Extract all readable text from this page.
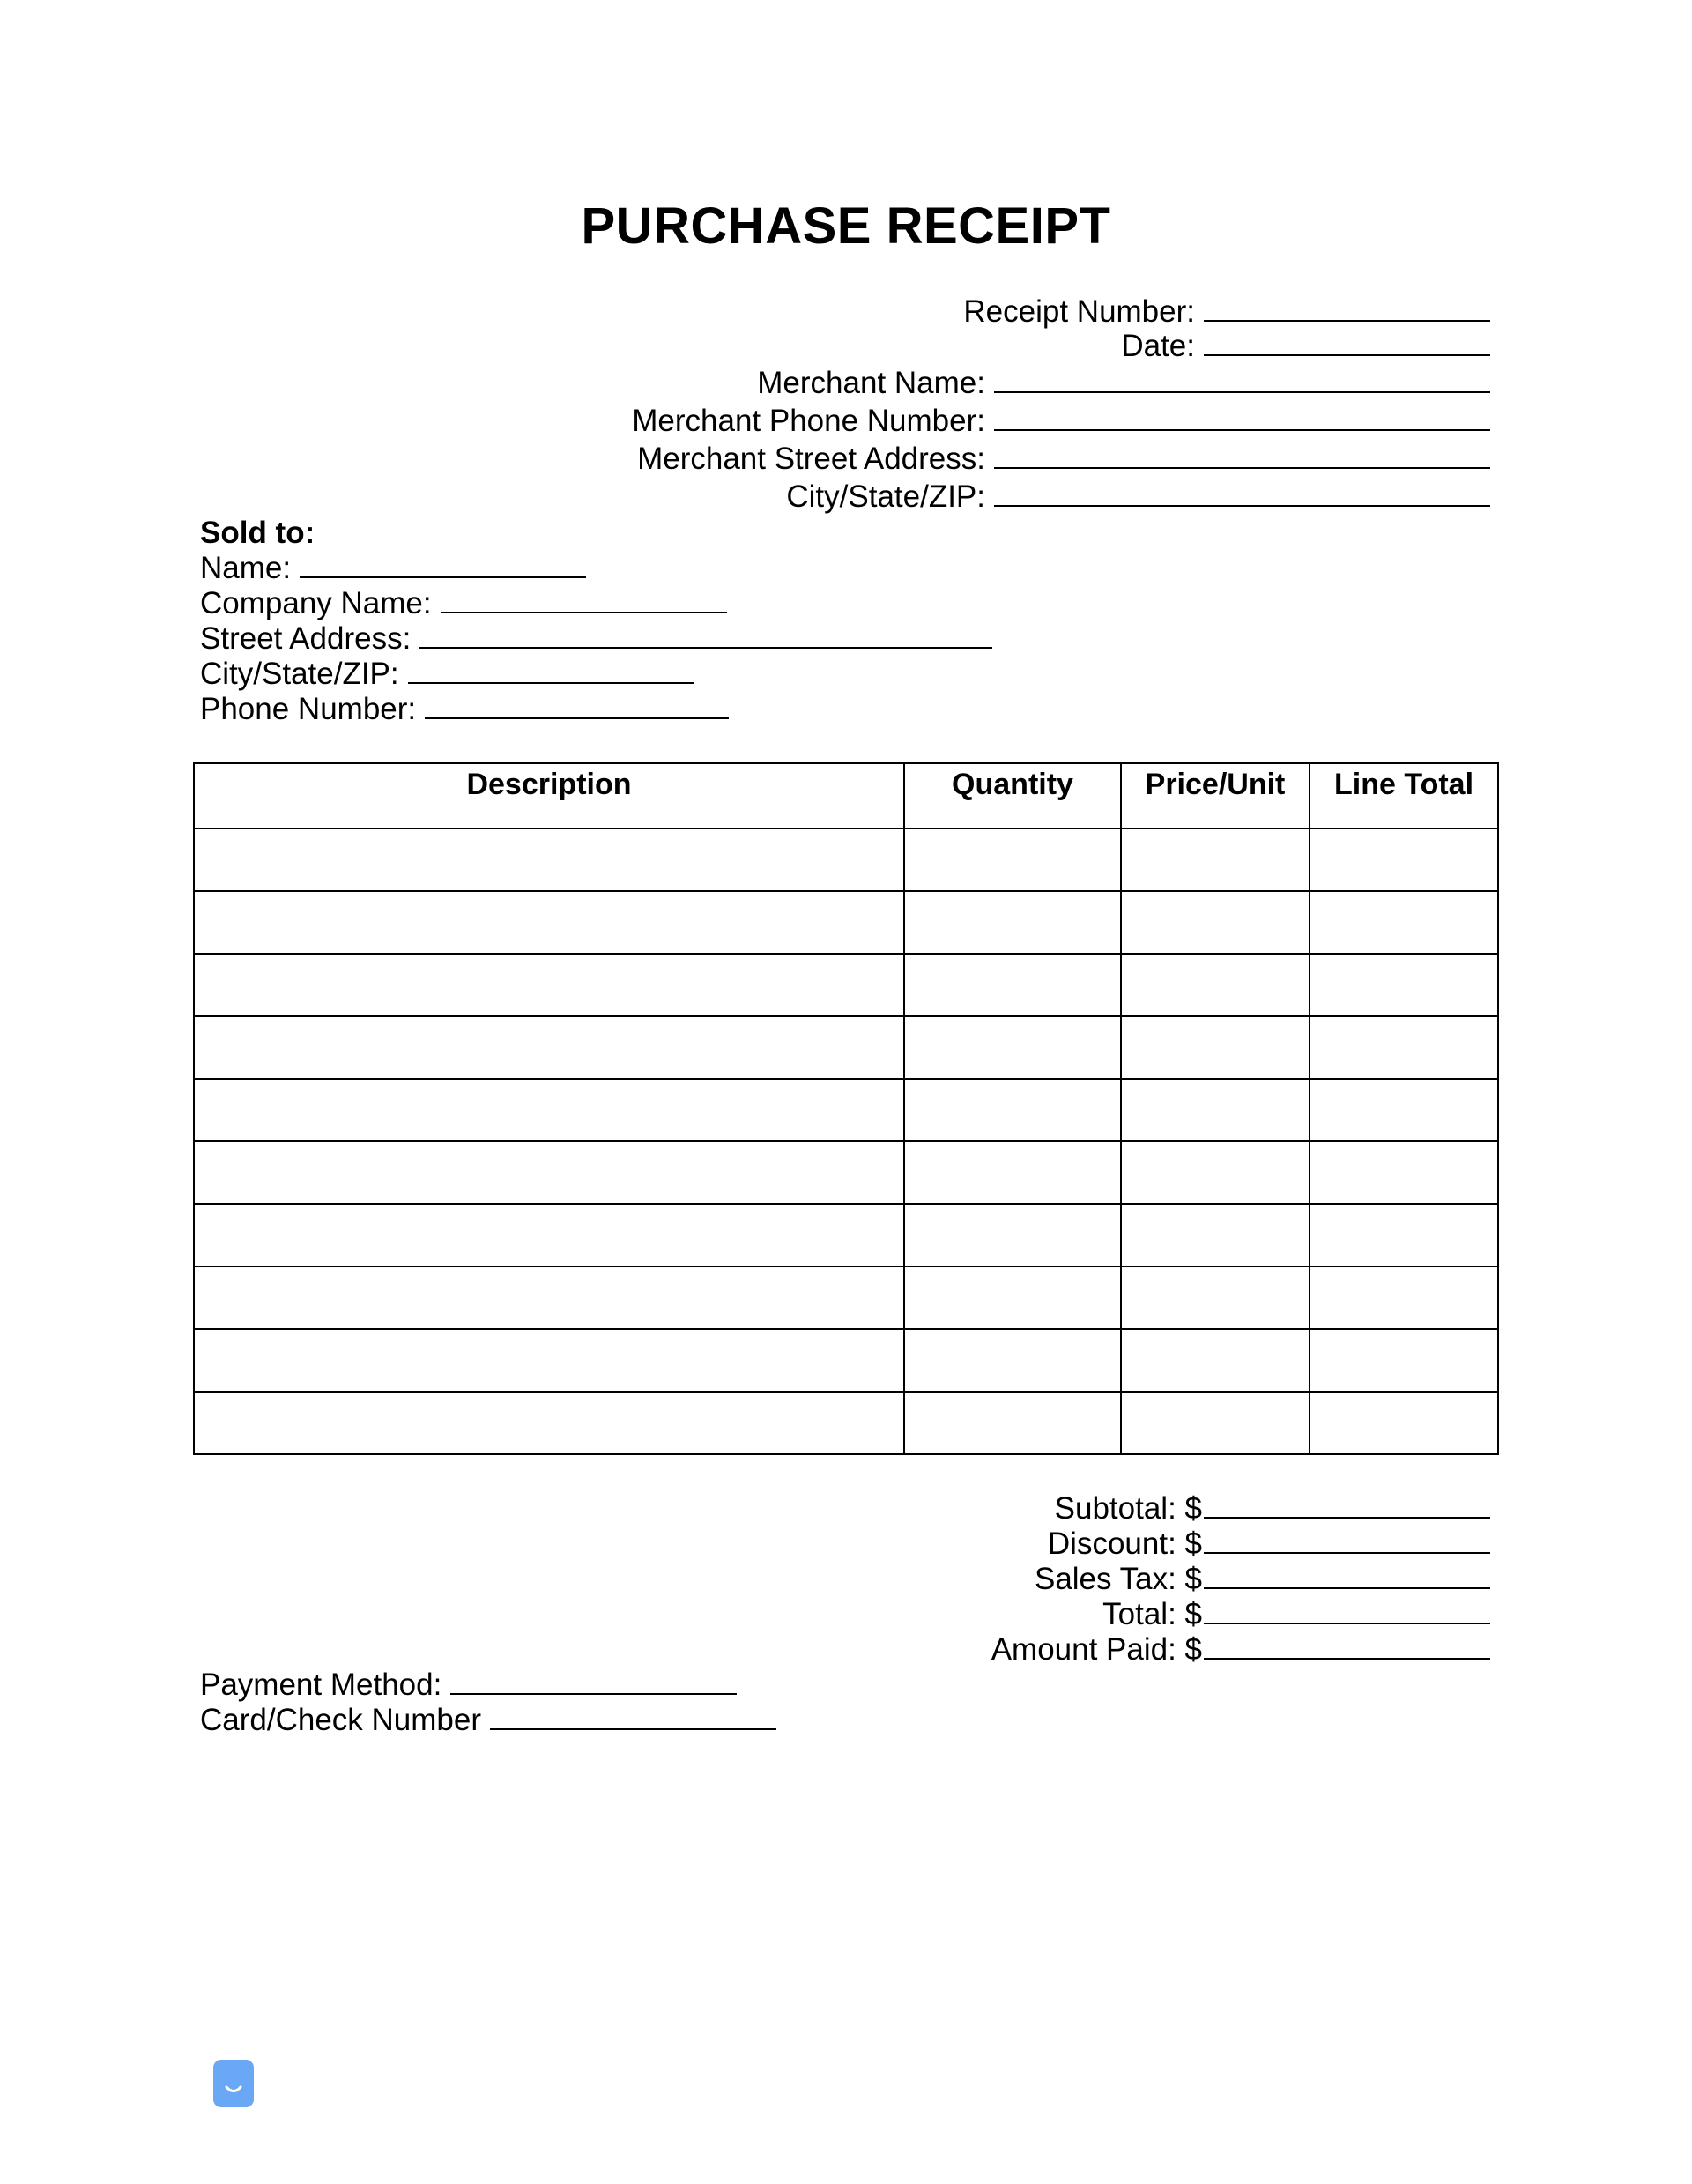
PURCHASE RECEIPT
Receipt Number:
Date:
Merchant Name:
Merchant Phone Number:
Merchant Street Address:
City/State/ZIP:
Sold to:
Name:
Company Name:
Street Address:
City/State/ZIP:
Phone Number:
Description	Quantity	Price/Unit	Line Total

Subtotal: $
Discount: $
Sales Tax: $
Total: $
Amount Paid: $
Payment Method:
Card/Check Number
